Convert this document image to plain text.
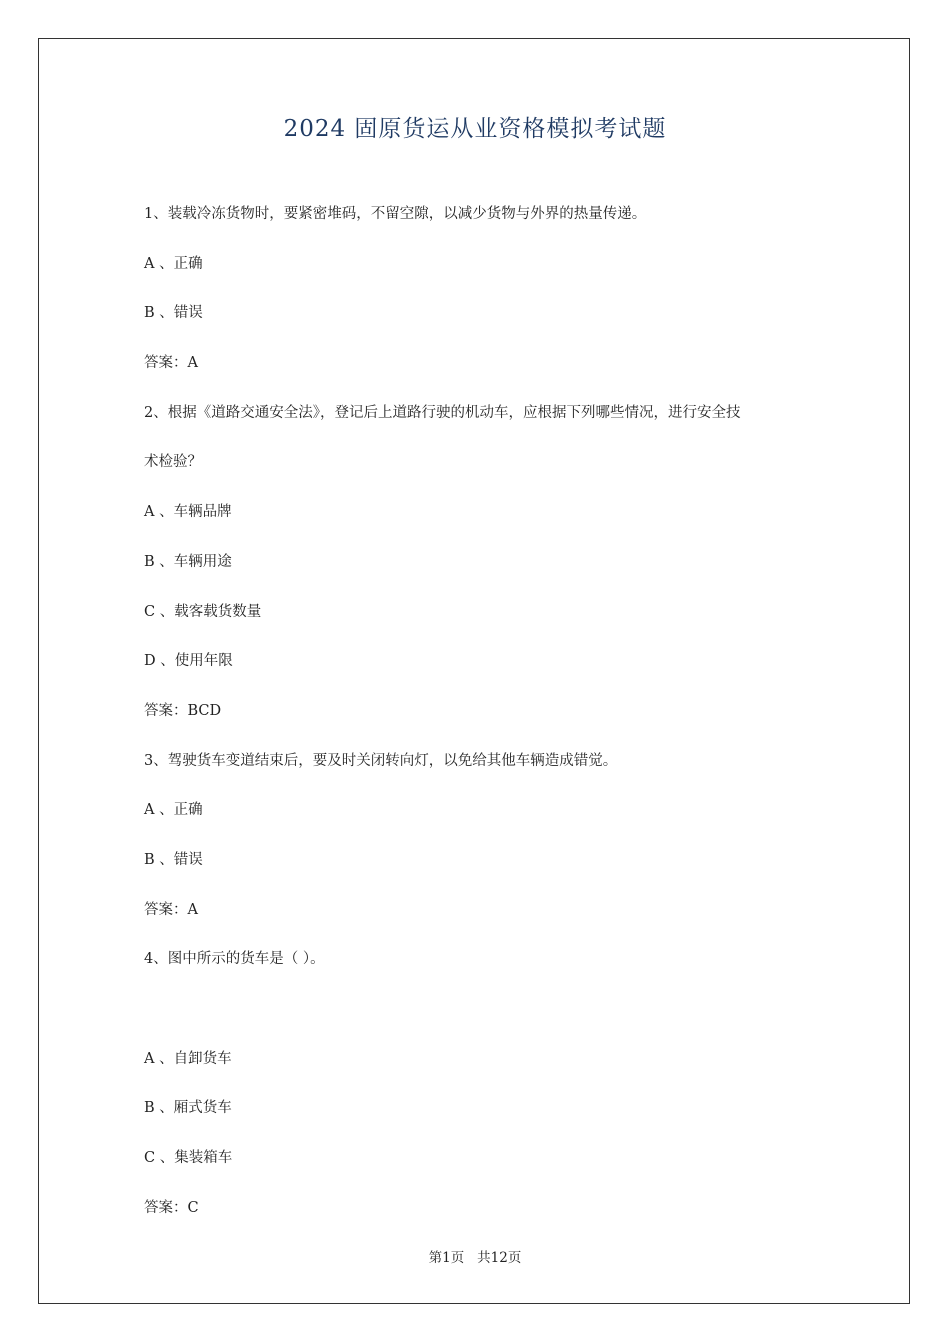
2024 固原货运从业资格模拟考试题
1、装载冷冻货物时，要紧密堆码，不留空隙，以减少货物与外界的热量传递。
A 、正确
B 、错误
答案：A
2、根据《道路交通安全法》，登记后上道路行驶的机动车，应根据下列哪些情况，进行安全技
术检验？
A 、车辆品牌
B 、车辆用途
C 、载客载货数量
D 、使用年限
答案：BCD
3、驾驶货车变道结束后，要及时关闭转向灯，以免给其他车辆造成错觉。
A 、正确
B 、错误
答案：A
4、图中所示的货车是（ ）。
A 、自卸货车
B 、厢式货车
C 、集装箱车
答案：C
第1页   共12页
